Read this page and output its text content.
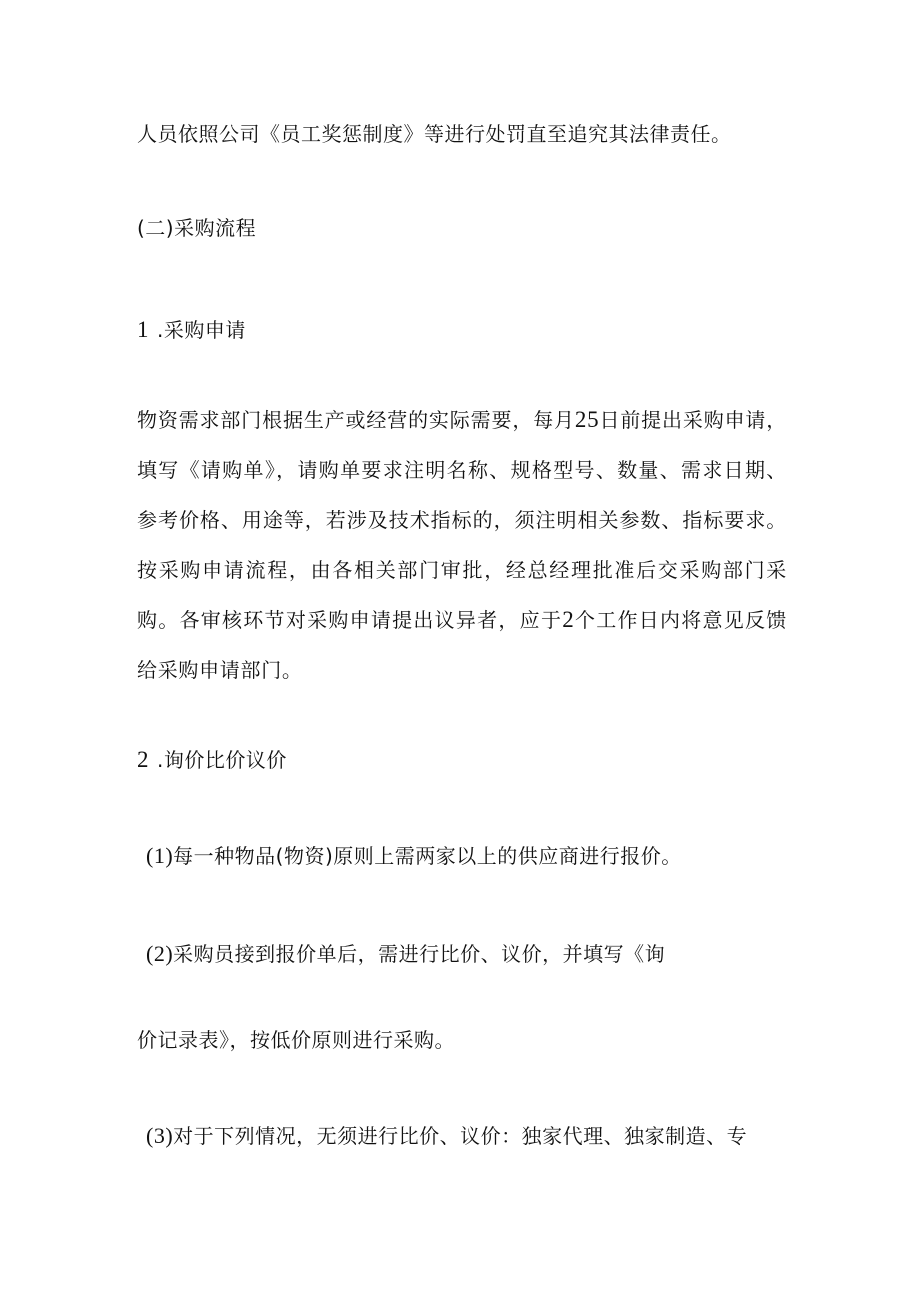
人员依照公司《员工奖惩制度》等进行处罚直至追究其法律责任。
(二)采购流程
1 .采购申请

物资需求部门根据生产或经营的实际需要，每月25日前提出采购申请，填写《请购单》，请购单要求注明名称、规格型号、数量、需求日期、参考价格、用途等，若涉及技术指标的，须注明相关参数、指标要求。按采购申请流程，由各相关部门审批，经总经理批准后交采购部门采购。各审核环节对采购申请提出议异者，应于2个工作日内将意见反馈给采购申请部门。

2 .询价比价议价
(1)每一种物品(物资)原则上需两家以上的供应商进行报价。
(2)采购员接到报价单后，需进行比价、议价，并填写《询
价记录表》，按低价原则进行采购。
(3)对于下列情况，无须进行比价、议价：独家代理、独家制造、专
